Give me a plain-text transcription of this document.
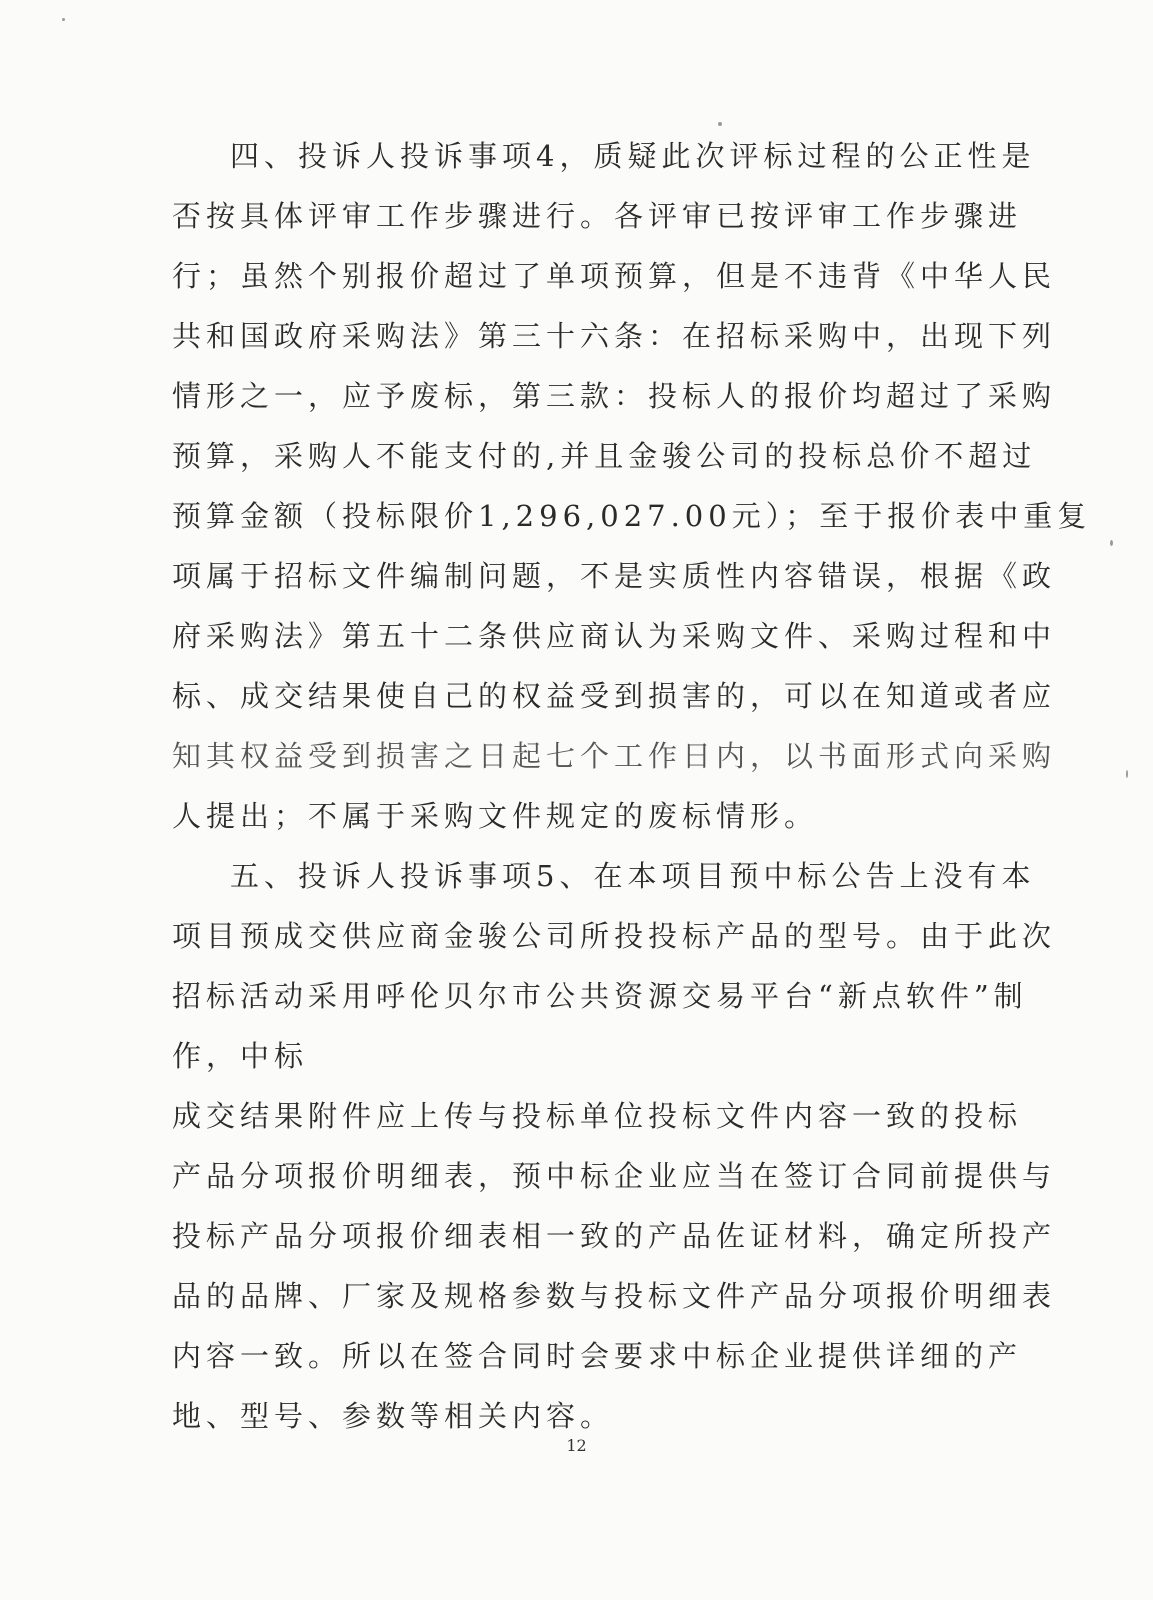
四、投诉人投诉事项4，质疑此次评标过程的公正性是
否按具体评审工作步骤进行。各评审已按评审工作步骤进
行；虽然个别报价超过了单项预算，但是不违背《中华人民
共和国政府采购法》第三十六条：在招标采购中，出现下列
情形之一，应予废标，第三款：投标人的报价均超过了采购
预算，采购人不能支付的,并且金骏公司的投标总价不超过
预算金额（投标限价1,296,027.00元）；至于报价表中重复
项属于招标文件编制问题，不是实质性内容错误，根据《政
府采购法》第五十二条供应商认为采购文件、采购过程和中
标、成交结果使自己的权益受到损害的，可以在知道或者应
知其权益受到损害之日起七个工作日内，以书面形式向采购
人提出；不属于采购文件规定的废标情形。
五、投诉人投诉事项5、在本项目预中标公告上没有本
项目预成交供应商金骏公司所投投标产品的型号。由于此次
招标活动采用呼伦贝尔市公共资源交易平台“新点软件”制
作，中标
成交结果附件应上传与投标单位投标文件内容一致的投标
产品分项报价明细表，预中标企业应当在签订合同前提供与
投标产品分项报价细表相一致的产品佐证材料，确定所投产
品的品牌、厂家及规格参数与投标文件产品分项报价明细表
内容一致。所以在签合同时会要求中标企业提供详细的产
地、型号、参数等相关内容。
12
